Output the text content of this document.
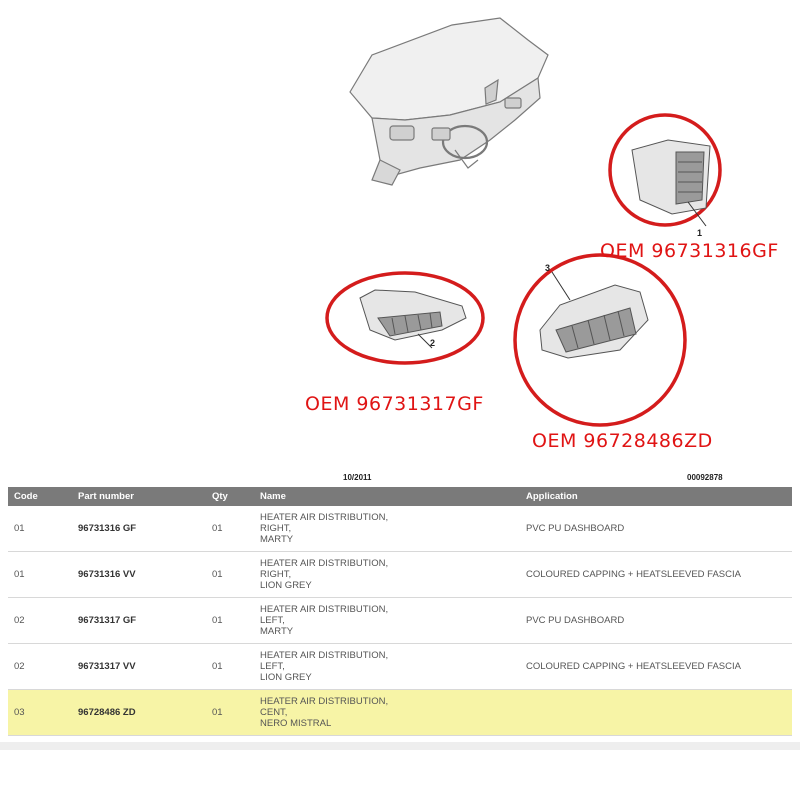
1
2
3
OEM 96731316GF
OEM 96731317GF
OEM 96728486ZD
10/2011	00092878
Code	Part number	Qty	Name	Application
01	96731316 GF	01	HEATER AIR DISTRIBUTION,
RIGHT,
MARTY	PVC PU DASHBOARD
01	96731316 VV	01	HEATER AIR DISTRIBUTION,
RIGHT,
LION GREY	COLOURED CAPPING + HEATSLEEVED FASCIA
02	96731317 GF	01	HEATER AIR DISTRIBUTION,
LEFT,
MARTY	PVC PU DASHBOARD
02	96731317 VV	01	HEATER AIR DISTRIBUTION,
LEFT,
LION GREY	COLOURED CAPPING + HEATSLEEVED FASCIA
03	96728486 ZD	01	HEATER AIR DISTRIBUTION,
CENT,
NERO MISTRAL	
